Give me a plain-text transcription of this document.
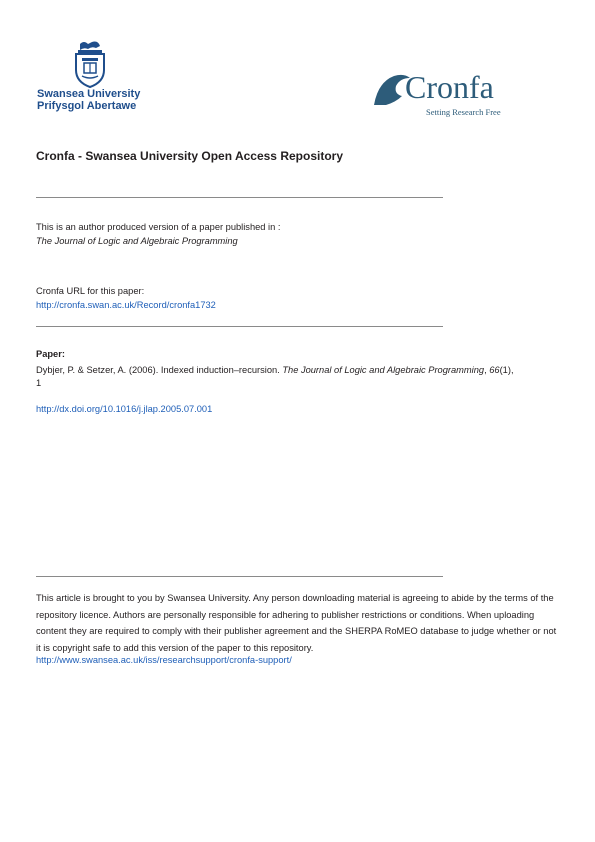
Swansea University
Prifysgol Abertawe
Cronfa
Setting Research Free
Cronfa - Swansea University Open Access Repository
This is an author produced version of a paper published in :
The Journal of Logic and Algebraic Programming
Cronfa URL for this paper:
http://cronfa.swan.ac.uk/Record/cronfa1732
Paper:
Dybjer, P. & Setzer, A. (2006). Indexed induction–recursion. The Journal of Logic and Algebraic Programming, 66(1),
1
http://dx.doi.org/10.1016/j.jlap.2005.07.001
This article is brought to you by Swansea University. Any person downloading material is agreeing to abide by the terms of the repository licence. Authors are personally responsible for adhering to publisher restrictions or conditions. When uploading content they are required to comply with their publisher agreement and the SHERPA RoMEO database to judge whether or not it is copyright safe to add this version of the paper to this repository.
http://www.swansea.ac.uk/iss/researchsupport/cronfa-support/
